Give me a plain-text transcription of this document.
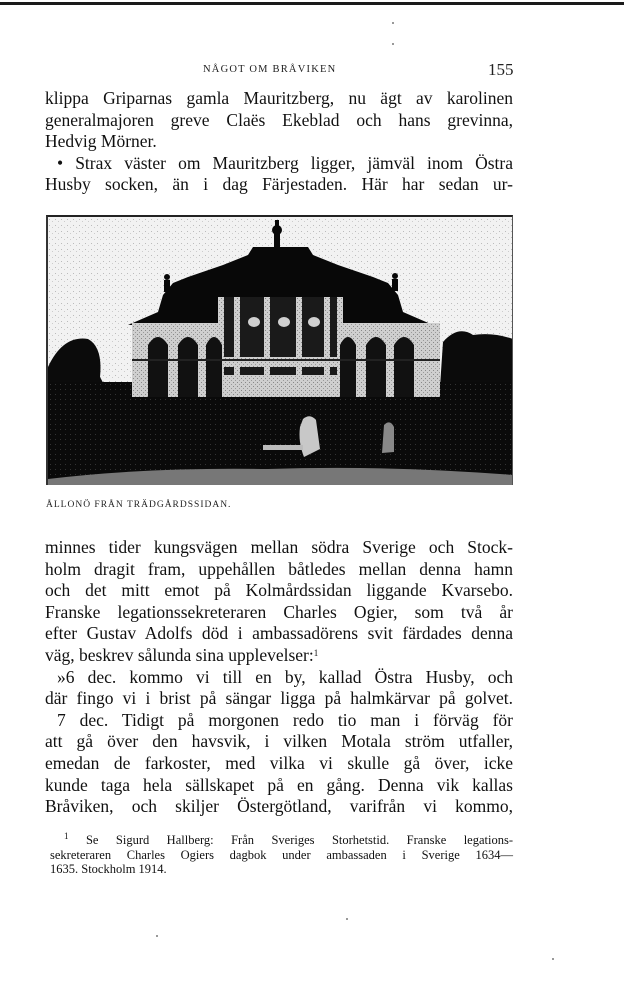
NÅGOT OM BRÅVIKEN	155
klippa Griparnas gamla Mauritzberg, nu ägt av karolinen
generalmajoren greve Claës Ekeblad och hans grevinna,
Hedvig Mörner.
• Strax väster om Mauritzberg ligger, jämväl inom Östra
Husby socken, än i dag Färjestaden. Här har sedan ur-
ÅLLONÖ FRÅN TRÄDGÅRDSSIDAN.
minnes tider kungsvägen mellan södra Sverige och Stock-
holm dragit fram, uppehållen båtledes mellan denna hamn
och det mitt emot på Kolmårdssidan liggande Kvarsebo.
Franske legationssekreteraren Charles Ogier, som två år
efter Gustav Adolfs död i ambassadörens svit färdades denna
väg, beskrev sålunda sina upplevelser:$^1$
»6 dec. kommo vi till en by, kallad Östra Husby, och
där fingo vi i brist på sängar ligga på halmkärvar på golvet.
7 dec. Tidigt på morgonen redo tio man i förväg för
att gå över den havsvik, i vilken Motala ström utfaller,
emedan de farkoster, med vilka vi skulle gå över, icke
kunde taga hela sällskapet på en gång. Denna vik kallas
Bråviken, och skiljer Östergötland, varifrån vi kommo,
$^1$ Se Sigurd Hallberg: Från Sveriges Storhetstid. Franske legations-
sekreteraren Charles Ogiers dagbok under ambassaden i Sverige 1634—
1635. Stockholm 1914.
